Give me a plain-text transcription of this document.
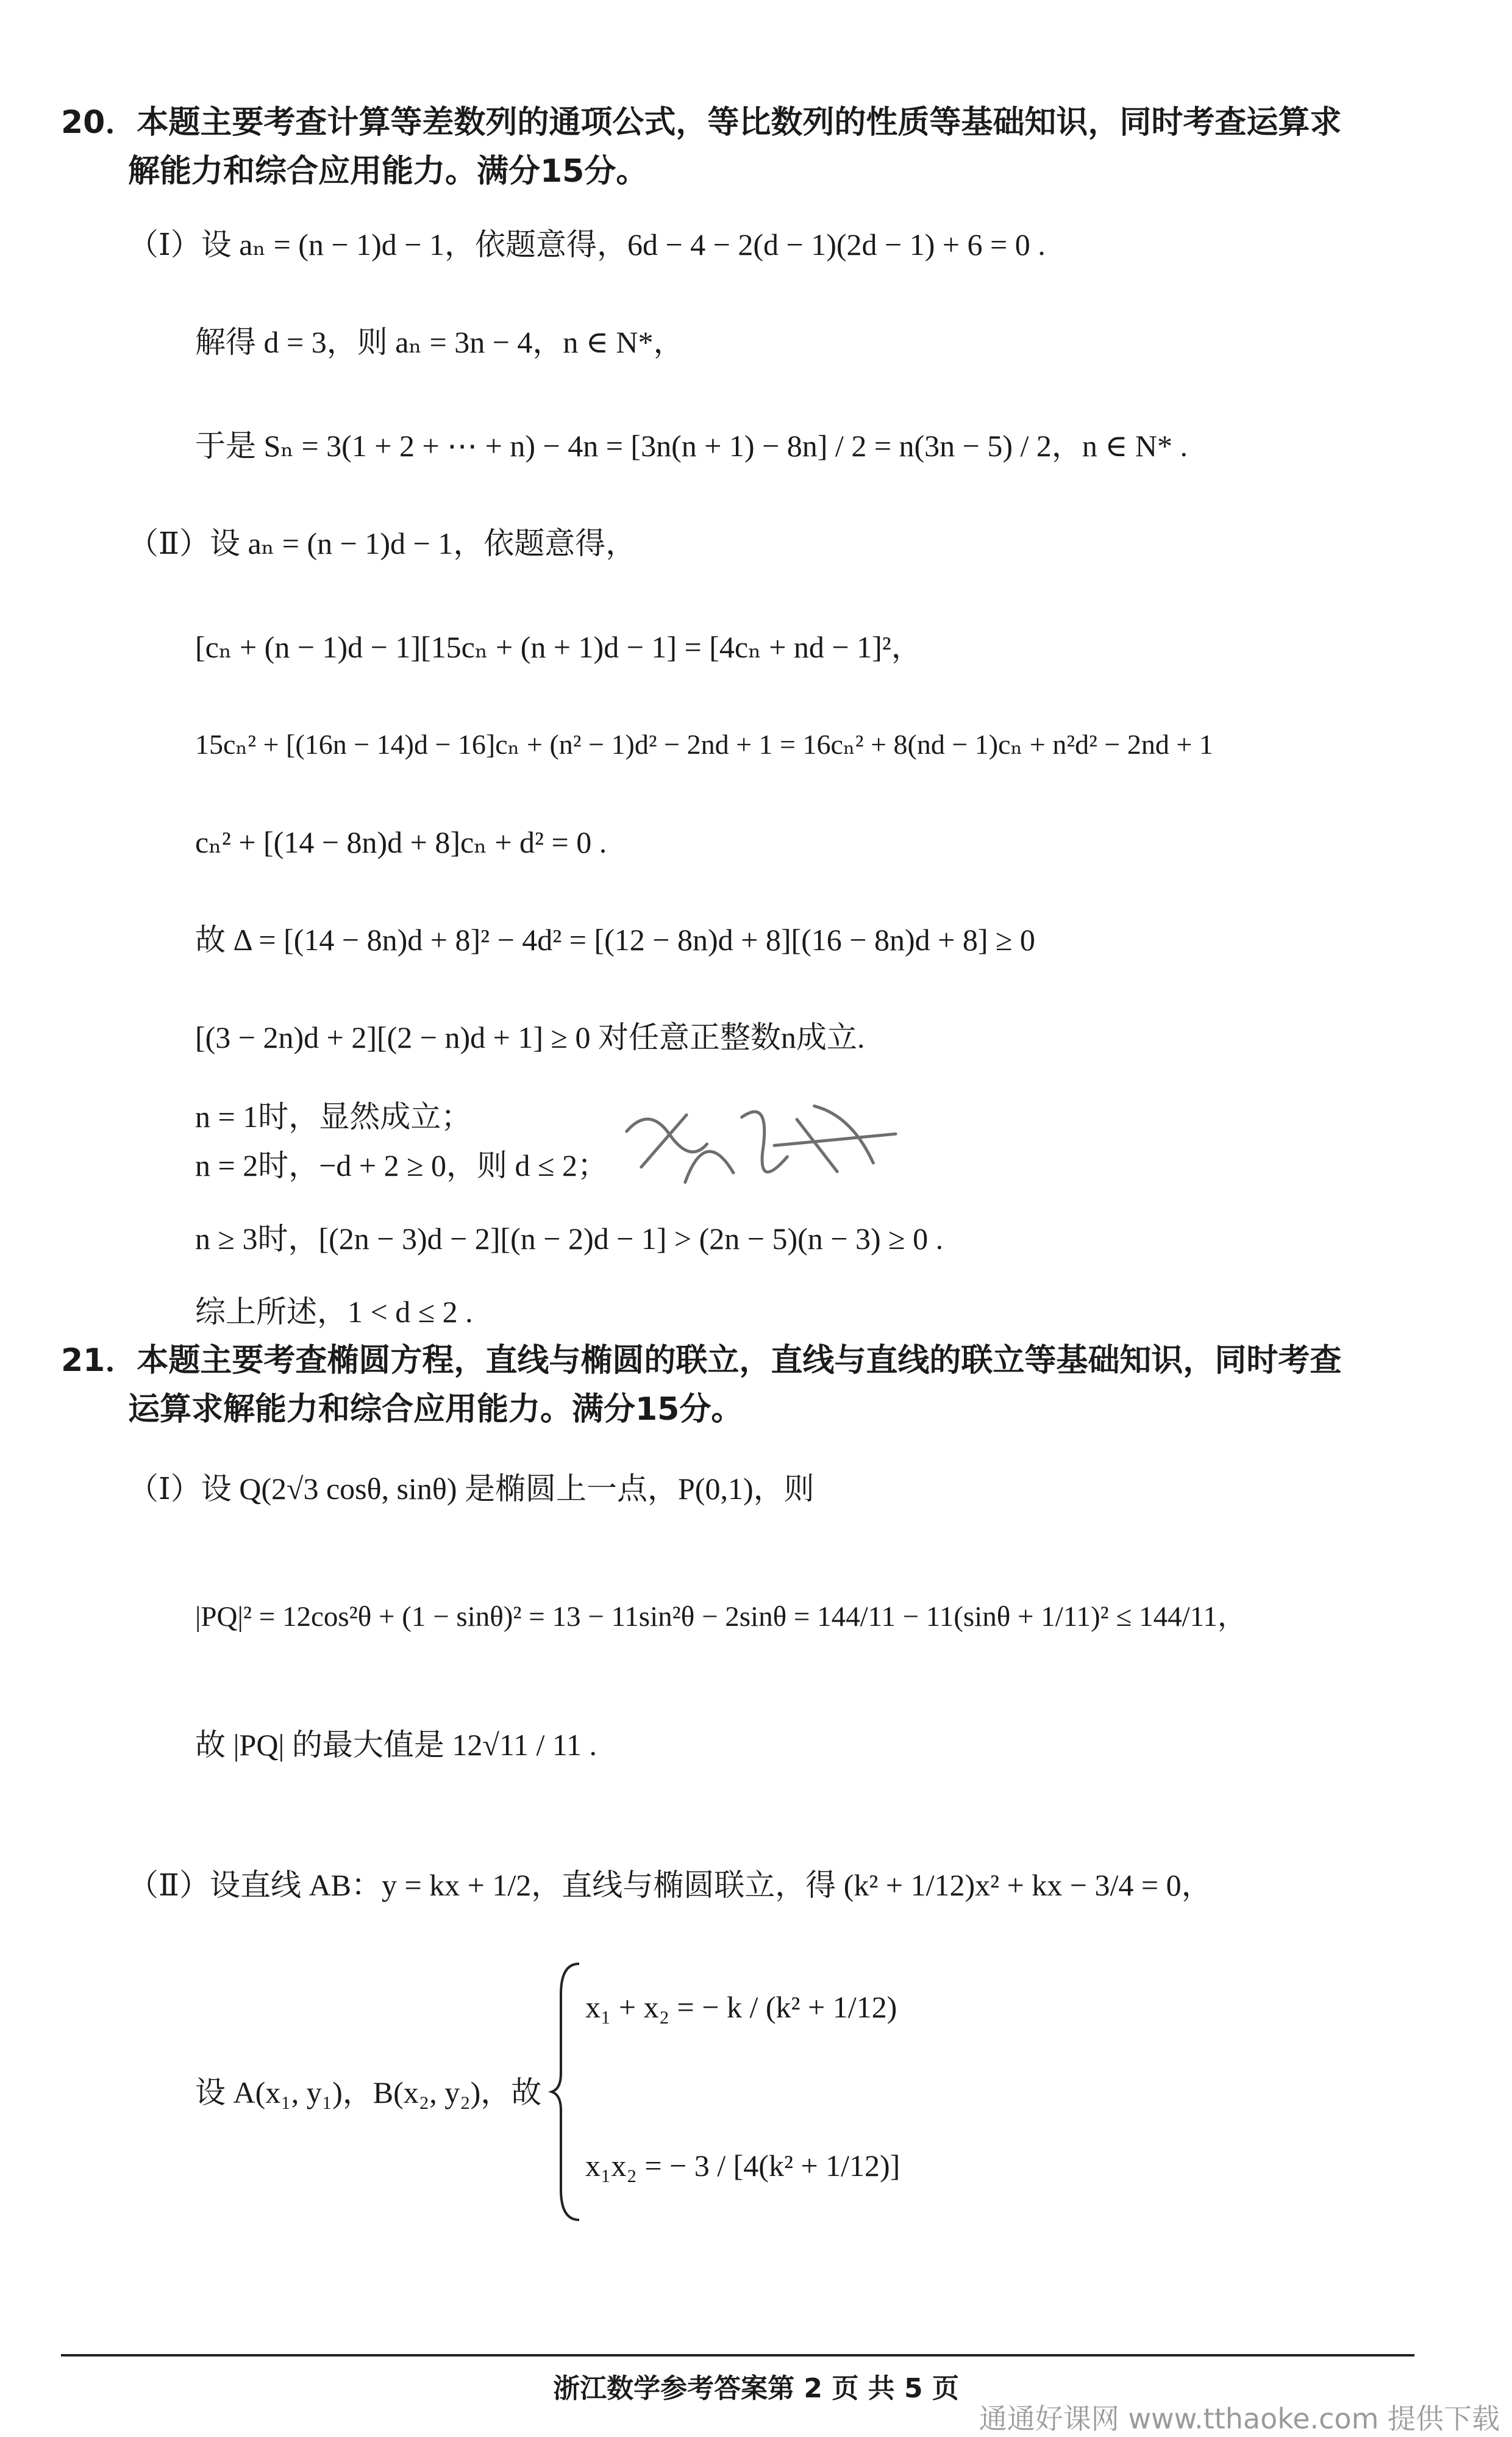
20．本题主要考查计算等差数列的通项公式，等比数列的性质等基础知识，同时考查运算求
解能力和综合应用能力。满分15分。
（Ⅰ）设 aₙ = (n − 1)d − 1，依题意得，6d − 4 − 2(d − 1)(2d − 1) + 6 = 0 .
解得 d = 3，则 aₙ = 3n − 4，n ∈ N*，
于是 Sₙ = 3(1 + 2 + ⋯ + n) − 4n = [3n(n + 1) − 8n] / 2 = n(3n − 5) / 2，n ∈ N* .
（Ⅱ）设 aₙ = (n − 1)d − 1，依题意得，
[cₙ + (n − 1)d − 1][15cₙ + (n + 1)d − 1] = [4cₙ + nd − 1]²，
15cₙ² + [(16n − 14)d − 16]cₙ + (n² − 1)d² − 2nd + 1 = 16cₙ² + 8(nd − 1)cₙ + n²d² − 2nd + 1
cₙ² + [(14 − 8n)d + 8]cₙ + d² = 0 .
故 Δ = [(14 − 8n)d + 8]² − 4d² = [(12 − 8n)d + 8][(16 − 8n)d + 8] ≥ 0
[(3 − 2n)d + 2][(2 − n)d + 1] ≥ 0 对任意正整数n成立.
n = 1时，显然成立；
n = 2时，−d + 2 ≥ 0，则 d ≤ 2；
n ≥ 3时，[(2n − 3)d − 2][(n − 2)d − 1] > (2n − 5)(n − 3) ≥ 0 .
综上所述，1 < d ≤ 2 .
21．本题主要考查椭圆方程，直线与椭圆的联立，直线与直线的联立等基础知识，同时考查
运算求解能力和综合应用能力。满分15分。
（Ⅰ）设 Q(2√3 cosθ, sinθ) 是椭圆上一点，P(0,1)，则
|PQ|² = 12cos²θ + (1 − sinθ)² = 13 − 11sin²θ − 2sinθ = 144/11 − 11(sinθ + 1/11)² ≤ 144/11，
故 |PQ| 的最大值是 12√11 / 11 .
（Ⅱ）设直线 AB：y = kx + 1/2，直线与椭圆联立，得 (k² + 1/12)x² + kx − 3/4 = 0，
设 A(x₁, y₁)，B(x₂, y₂)，故
x₁ + x₂ = − k / (k² + 1/12)
x₁x₂ = − 3 / [4(k² + 1/12)]
浙江数学参考答案第 2 页 共 5 页
通通好课网 www.tthaoke.com 提供下载
